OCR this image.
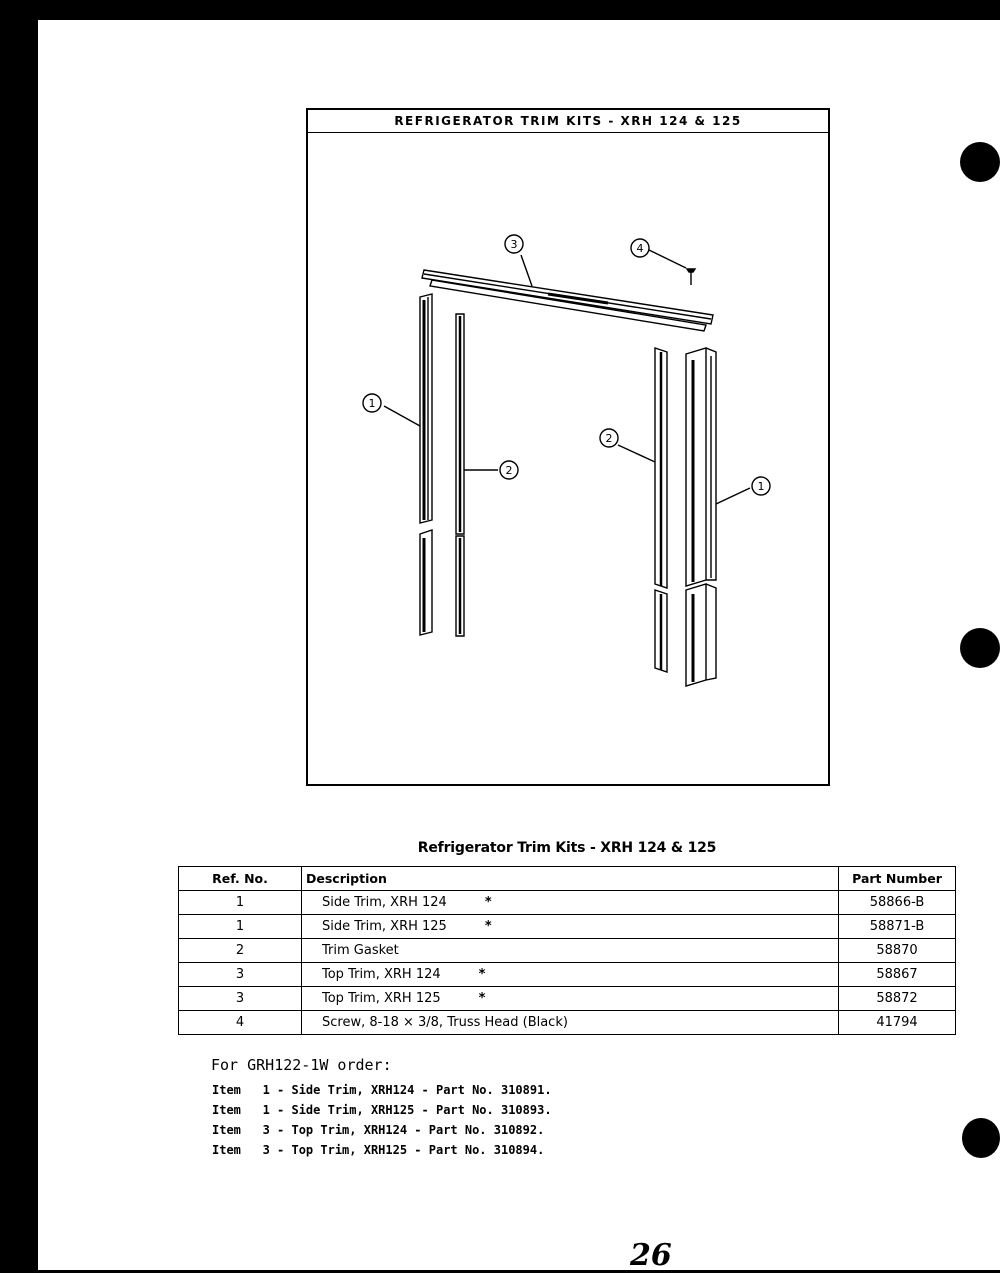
REFRIGERATOR TRIM KITS - XRH 124 & 125
3	4
1
2
2
1
Refrigerator Trim Kits - XRH 124 & 125
Ref. No.	Description	Part Number
1	Side Trim, XRH 124 *	58866-B
1	Side Trim, XRH 125 *	58871-B
2	Trim Gasket	58870
3	Top Trim, XRH 124 *	58867
3	Top Trim, XRH 125 *	58872
4	Screw, 8-18 × 3/8, Truss Head (Black)	41794
For GRH122-1W order:
Item   1 - Side Trim, XRH124 - Part No. 310891.
Item   1 - Side Trim, XRH125 - Part No. 310893.
Item   3 - Top Trim, XRH124 - Part No. 310892.
Item   3 - Top Trim, XRH125 - Part No. 310894.
26
